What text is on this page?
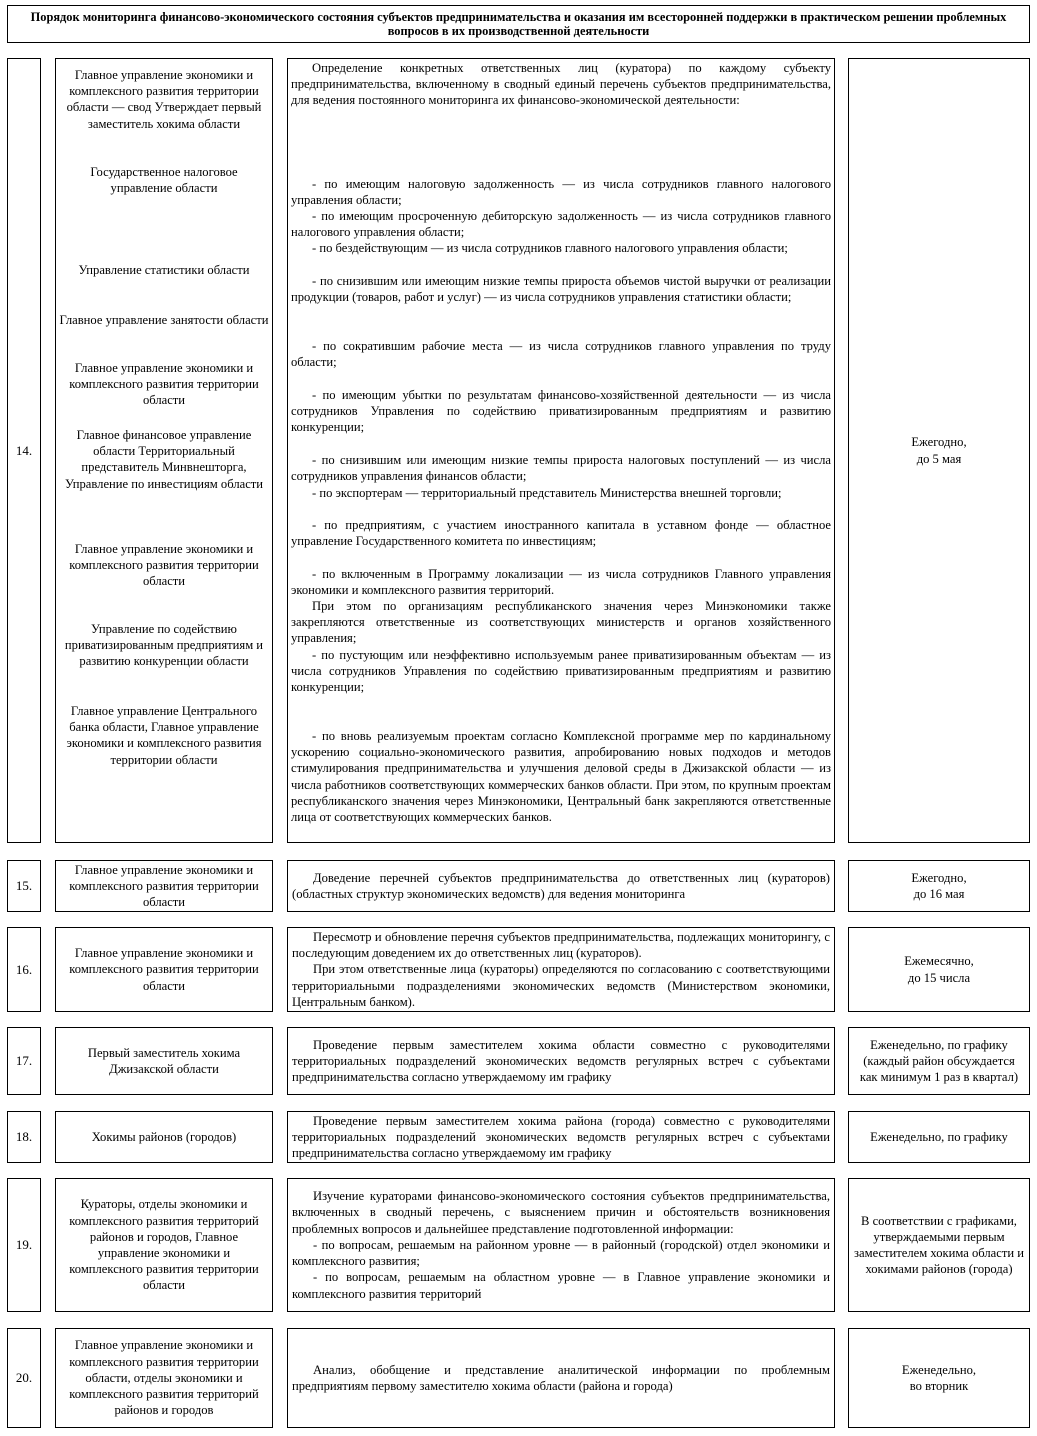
Порядок мониторинга финансово-экономического состояния субъектов предпринимательства и оказания им всесторонней поддержки в практическом решении проблемных вопросов в их производственной деятельности
14.
Главное управление экономики и комплексного развития территории области — свод Утверждает первый заместитель хокима области
Государственное налоговое управление области
Управление статистики области
Главное управление занятости области
Главное управление экономики и комплексного развития территории области
Главное финансовое управление области Территориальный представитель Минвнешторга, Управление по инвестициям области
Главное управление экономики и комплексного развития территории области
Управление по содействию приватизированным предприятиям и развитию конкуренции области
Главное управление Центрального банка области, Главное управление экономики и комплексного развития территории области

Определение конкретных ответственных лиц (куратора) по каждому субъекту предпринимательства, включенному в сводный единый перечень субъектов предпринимательства, для ведения постоянного мониторинга их финансово-экономической деятельности:

- по имеющим налоговую задолженность — из числа сотрудников главного налогового управления области;

- по имеющим просроченную дебиторскую задолженность — из числа сотрудников главного налогового управления области;

- по бездействующим — из числа сотрудников главного налогового управления области;

- по снизившим или имеющим низкие темпы прироста объемов чистой выручки от реализации продукции (товаров, работ и услуг) — из числа сотрудников управления статистики области;

- по сократившим рабочие места — из числа сотрудников главного управления по труду области;

- по имеющим убытки по результатам финансово-хозяйственной деятельности — из числа сотрудников Управления по содействию приватизированным предприятиям и развитию конкуренции;

- по снизившим или имеющим низкие темпы прироста налоговых поступлений — из числа сотрудников управления финансов области;

- по экспортерам — территориальный представитель Министерства внешней торговли;

- по предприятиям, с участием иностранного капитала в уставном фонде — областное управление Государственного комитета по инвестициям;

- по включенным в Программу локализации — из числа сотрудников Главного управления экономики и комплексного развития территорий.

При этом по организациям республиканского значения через Минэкономики также закрепляются ответственные из соответствующих министерств и органов хозяйственного управления;

- по пустующим или неэффективно используемым ранее приватизированным объектам — из числа сотрудников Управления по содействию приватизированным предприятиям и развитию конкуренции;

- по вновь реализуемым проектам согласно Комплексной программе мер по кардинальному ускорению социально-экономического развития, апробированию новых подходов и методов стимулирования предпринимательства и улучшения деловой среды в Джизакской области — из числа работников соответствующих коммерческих банков области. При этом, по крупным проектам республиканского значения через Минэкономики, Центральный банк закрепляются ответственные лица от соответствующих коммерческих банков.

Ежегодно,
до 5 мая
15.
Главное управление экономики и комплексного развития территории области

Доведение перечней субъектов предпринимательства до ответственных лиц (кураторов) (областных структур экономических ведомств) для ведения мониторинга

Ежегодно,
до 16 мая
16.
Главное управление экономики и комплексного развития территории области

Пересмотр и обновление перечня субъектов предпринимательства, подлежащих мониторингу, с последующим доведением их до ответственных лиц (кураторов).

При этом ответственные лица (кураторы) определяются по согласованию с соответствующими территориальными подразделениями экономических ведомств (Министерством экономики, Центральным банком).

Ежемесячно,
до 15 числа
17.
Первый заместитель хокима Джизакской области

Проведение первым заместителем хокима области совместно с руководителями территориальных подразделений экономических ведомств регулярных встреч с субъектами предпринимательства согласно утверждаемому им графику

Еженедельно, по графику (каждый район обсуждается как минимум 1 раз в квартал)
18.	Хокимы районов (городов)

Проведение первым заместителем хокима района (города) совместно с руководителями территориальных подразделений экономических ведомств регулярных встреч с субъектами предпринимательства согласно утверждаемому им графику

Еженедельно, по графику
19.
Кураторы, отделы экономики и комплексного развития территорий районов и городов, Главное управление экономики и комплексного развития территории области

Изучение кураторами финансово-экономического состояния субъектов предпринимательства, включенных в сводный перечень, с выяснением причин и обстоятельств возникновения проблемных вопросов и дальнейшее представление подготовленной информации:

- по вопросам, решаемым на районном уровне — в районный (городской) отдел экономики и комплексного развития;

- по вопросам, решаемым на областном уровне — в Главное управление экономики и комплексного развития территорий

В соответствии с графиками, утверждаемыми первым заместителем хокима области и хокимами районов (города)
20.
Главное управление экономики и комплексного развития территории области, отделы экономики и комплексного развития территорий районов и городов

Анализ, обобщение и представление аналитической информации по проблемным предприятиям первому заместителю хокима области (района и города)

Еженедельно,
во вторник
